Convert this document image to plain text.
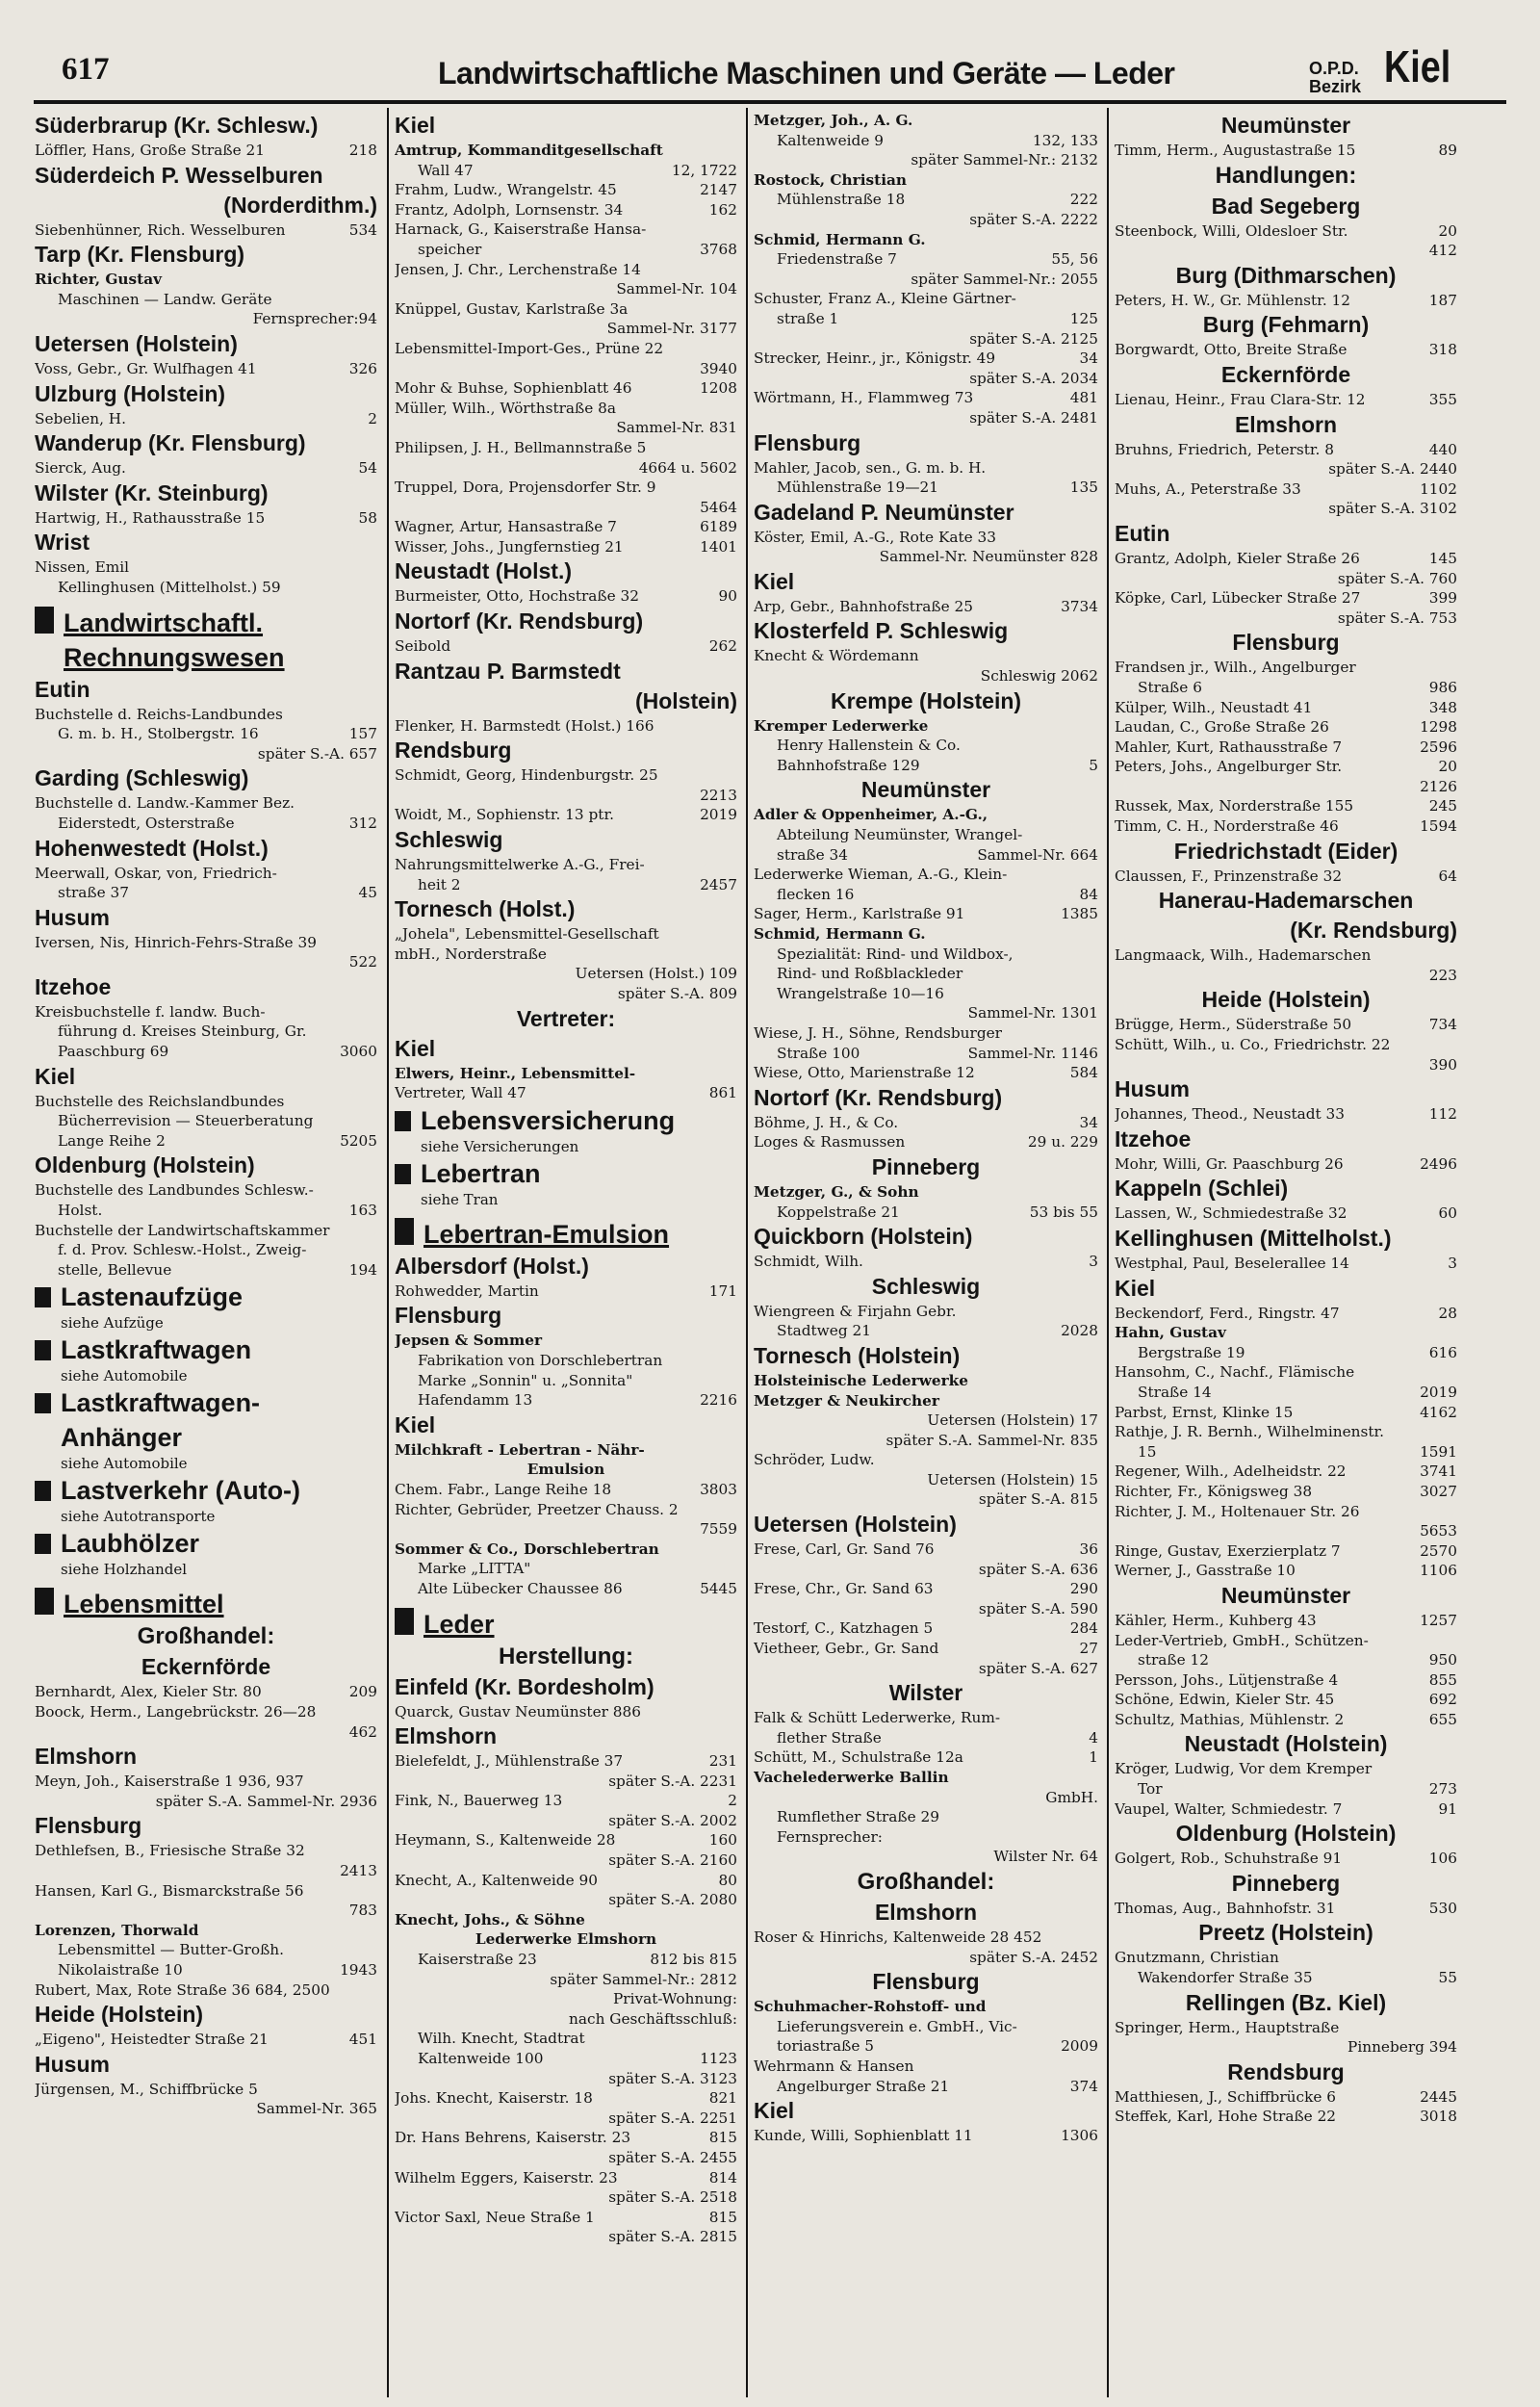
617	Landwirtschaftliche Maschinen und Geräte — Leder	O.P.D.
Bezirk Kiel
Süderbrarup (Kr. Schlesw.)
218
Löffler, Hans, Große Straße 21
Süderdeich P. Wesselburen
(Norderdithm.)
534
Siebenhünner, Rich. Wesselburen
Tarp (Kr. Flensburg)
Richter, Gustav
Maschinen — Landw. Geräte
94
Fernsprecher:
Uetersen (Holstein)
326
Voss, Gebr., Gr. Wulfhagen 41
Ulzburg (Holstein)
2
Sebelien, H.
Wanderup (Kr. Flensburg)
54
Sierck, Aug.
Wilster (Kr. Steinburg)
58
Hartwig, H., Rathausstraße 15
Wrist
Nissen, Emil
Kellinghusen (Mittelholst.) 59
Landwirtschaftl.
Rechnungswesen
Eutin
Buchstelle d. Reichs-Landbundes
157
G. m. b. H., Stolbergstr. 16
später S.-A. 657
Garding (Schleswig)
Buchstelle d. Landw.-Kammer Bez.
312
Eiderstedt, Osterstraße
Hohenwestedt (Holst.)
Meerwall, Oskar, von, Friedrich-
45
straße 37
Husum
Iversen, Nis, Hinrich-Fehrs-Straße 39
522
Itzehoe
Kreisbuchstelle f. landw. Buch-
führung d. Kreises Steinburg, Gr.
3060
Paaschburg 69
Kiel
Buchstelle des Reichslandbundes
Bücherrevision — Steuerberatung
5205
Lange Reihe 2
Oldenburg (Holstein)
Buchstelle des Landbundes Schlesw.-
163
Holst.
Buchstelle der Landwirtschaftskammer
f. d. Prov. Schlesw.-Holst., Zweig-
194
stelle, Bellevue
Lastenaufzüge
siehe Aufzüge
Lastkraftwagen
siehe Automobile
Lastkraftwagen-
Anhänger
siehe Automobile
Lastverkehr (Auto-)
siehe Autotransporte
Laubhölzer
siehe Holzhandel
Lebensmittel
Großhandel:
Eckernförde
209
Bernhardt, Alex, Kieler Str. 80
Boock, Herm., Langebrückstr. 26—28
462
Elmshorn
Meyn, Joh., Kaiserstraße 1 936, 937
später S.-A. Sammel-Nr. 2936
Flensburg
Dethlefsen, B., Friesische Straße 32
2413
Hansen, Karl G., Bismarckstraße 56
783
Lorenzen, Thorwald
Lebensmittel — Butter-Großh.
1943
Nikolaistraße 10
Rubert, Max, Rote Straße 36 684, 2500
Heide (Holstein)
451
„Eigeno", Heistedter Straße 21
Husum
Jürgensen, M., Schiffbrücke 5
Sammel-Nr. 365
Kiel
Amtrup, Kommanditgesellschaft
12, 1722
Wall 47
2147
Frahm, Ludw., Wrangelstr. 45
162
Frantz, Adolph, Lornsenstr. 34
Harnack, G., Kaiserstraße Hansa-
3768
speicher
Jensen, J. Chr., Lerchenstraße 14
Sammel-Nr. 104
Knüppel, Gustav, Karlstraße 3a
Sammel-Nr. 3177
Lebensmittel-Import-Ges., Prüne 22
3940
1208
Mohr & Buhse, Sophienblatt 46
Müller, Wilh., Wörthstraße 8a
Sammel-Nr. 831
Philipsen, J. H., Bellmannstraße 5
4664 u. 5602
Truppel, Dora, Projensdorfer Str. 9
5464
6189
Wagner, Artur, Hansastraße 7
1401
Wisser, Johs., Jungfernstieg 21
Neustadt (Holst.)
90
Burmeister, Otto, Hochstraße 32
Nortorf (Kr. Rendsburg)
262
Seibold
Rantzau P. Barmstedt
(Holstein)
Flenker, H. Barmstedt (Holst.) 166
Rendsburg
Schmidt, Georg, Hindenburgstr. 25
2213
2019
Woidt, M., Sophienstr. 13 ptr.
Schleswig
Nahrungsmittelwerke A.-G., Frei-
2457
heit 2
Tornesch (Holst.)
„Johela", Lebensmittel-Gesellschaft
mbH., Norderstraße
Uetersen (Holst.) 109
später S.-A. 809
Vertreter:
Kiel
Elwers, Heinr., Lebensmittel-
861
Vertreter, Wall 47
Lebensversicherung
siehe Versicherungen
Lebertran
siehe Tran
Lebertran-Emulsion
Albersdorf (Holst.)
171
Rohwedder, Martin
Flensburg
Jepsen & Sommer
Fabrikation von Dorschlebertran
Marke „Sonnin" u. „Sonnita"
2216
Hafendamm 13
Kiel
Milchkraft - Lebertran - Nähr-
Emulsion
3803
Chem. Fabr., Lange Reihe 18
Richter, Gebrüder, Preetzer Chauss. 2
7559
Sommer & Co., Dorschlebertran
Marke „LITTA"
5445
Alte Lübecker Chaussee 86
Leder
Herstellung:
Einfeld (Kr. Bordesholm)
Quarck, Gustav Neumünster 886
Elmshorn
231
Bielefeldt, J., Mühlenstraße 37
später S.-A. 2231
2
Fink, N., Bauerweg 13
später S.-A. 2002
160
Heymann, S., Kaltenweide 28
später S.-A. 2160
80
Knecht, A., Kaltenweide 90
später S.-A. 2080
Knecht, Johs., & Söhne
Lederwerke Elmshorn
812 bis 815
Kaiserstraße 23
später Sammel-Nr.: 2812
Privat-Wohnung:
nach Geschäftsschluß:
Wilh. Knecht, Stadtrat
1123
Kaltenweide 100
später S.-A. 3123
821
Johs. Knecht, Kaiserstr. 18
später S.-A. 2251
815
Dr. Hans Behrens, Kaiserstr. 23
später S.-A. 2455
814
Wilhelm Eggers, Kaiserstr. 23
später S.-A. 2518
815
Victor Saxl, Neue Straße 1
später S.-A. 2815
Metzger, Joh., A. G.
132, 133
Kaltenweide 9
später Sammel-Nr.: 2132
Rostock, Christian
222
Mühlenstraße 18
später S.-A. 2222
Schmid, Hermann G.
55, 56
Friedenstraße 7
später Sammel-Nr.: 2055
Schuster, Franz A., Kleine Gärtner-
125
straße 1
später S.-A. 2125
34
Strecker, Heinr., jr., Königstr. 49
später S.-A. 2034
481
Wörtmann, H., Flammweg 73
später S.-A. 2481
Flensburg
Mahler, Jacob, sen., G. m. b. H.
135
Mühlenstraße 19—21
Gadeland P. Neumünster
Köster, Emil, A.-G., Rote Kate 33
Sammel-Nr. Neumünster 828
Kiel
3734
Arp, Gebr., Bahnhofstraße 25
Klosterfeld P. Schleswig
Knecht & Wördemann
Schleswig 2062
Krempe (Holstein)
Kremper Lederwerke
Henry Hallenstein & Co.
5
Bahnhofstraße 129
Neumünster
Adler & Oppenheimer, A.-G.,
Abteilung Neumünster, Wrangel-
Sammel-Nr. 664
straße 34
Lederwerke Wieman, A.-G., Klein-
84
flecken 16
1385
Sager, Herm., Karlstraße 91
Schmid, Hermann G.
Spezialität: Rind- und Wildbox-,
Rind- und Roßblackleder
Wrangelstraße 10—16
Sammel-Nr. 1301
Wiese, J. H., Söhne, Rendsburger
Sammel-Nr. 1146
Straße 100
584
Wiese, Otto, Marienstraße 12
Nortorf (Kr. Rendsburg)
34
Böhme, J. H., & Co.
29 u. 229
Loges & Rasmussen
Pinneberg
Metzger, G., & Sohn
53 bis 55
Koppelstraße 21
Quickborn (Holstein)
3
Schmidt, Wilh.
Schleswig
Wiengreen & Firjahn Gebr.
2028
Stadtweg 21
Tornesch (Holstein)
Holsteinische Lederwerke
Metzger & Neukircher
Uetersen (Holstein) 17
später S.-A. Sammel-Nr. 835
Schröder, Ludw.
Uetersen (Holstein) 15
später S.-A. 815
Uetersen (Holstein)
36
Frese, Carl, Gr. Sand 76
später S.-A. 636
290
Frese, Chr., Gr. Sand 63
später S.-A. 590
284
Testorf, C., Katzhagen 5
27
Vietheer, Gebr., Gr. Sand
später S.-A. 627
Wilster
Falk & Schütt Lederwerke, Rum-
4
flether Straße
1
Schütt, M., Schulstraße 12a
Vachelederwerke Ballin
GmbH.
Rumflether Straße 29
Fernsprecher:
Wilster Nr. 64
Großhandel:
Elmshorn
Roser & Hinrichs, Kaltenweide 28 452
später S.-A. 2452
Flensburg
Schuhmacher-Rohstoff- und
Lieferungsverein e. GmbH., Vic-
2009
toriastraße 5
Wehrmann & Hansen
374
Angelburger Straße 21
Kiel
1306
Kunde, Willi, Sophienblatt 11
Neumünster
89
Timm, Herm., Augustastraße 15
Handlungen:
Bad Segeberg
20
Steenbock, Willi, Oldesloer Str.
412
Burg (Dithmarschen)
187
Peters, H. W., Gr. Mühlenstr. 12
Burg (Fehmarn)
318
Borgwardt, Otto, Breite Straße
Eckernförde
355
Lienau, Heinr., Frau Clara-Str. 12
Elmshorn
440
Bruhns, Friedrich, Peterstr. 8
später S.-A. 2440
1102
Muhs, A., Peterstraße 33
später S.-A. 3102
Eutin
145
Grantz, Adolph, Kieler Straße 26
später S.-A. 760
399
Köpke, Carl, Lübecker Straße 27
später S.-A. 753
Flensburg
Frandsen jr., Wilh., Angelburger
986
Straße 6
348
Külper, Wilh., Neustadt 41
1298
Laudan, C., Große Straße 26
2596
Mahler, Kurt, Rathausstraße 7
20
Peters, Johs., Angelburger Str.
2126
245
Russek, Max, Norderstraße 155
1594
Timm, C. H., Norderstraße 46
Friedrichstadt (Eider)
64
Claussen, F., Prinzenstraße 32
Hanerau-Hademarschen
(Kr. Rendsburg)
Langmaack, Wilh., Hademarschen
223
Heide (Holstein)
734
Brügge, Herm., Süderstraße 50
Schütt, Wilh., u. Co., Friedrichstr. 22
390
Husum
112
Johannes, Theod., Neustadt 33
Itzehoe
2496
Mohr, Willi, Gr. Paaschburg 26
Kappeln (Schlei)
60
Lassen, W., Schmiedestraße 32
Kellinghusen (Mittelholst.)
3
Westphal, Paul, Beselerallee 14
Kiel
28
Beckendorf, Ferd., Ringstr. 47
Hahn, Gustav
616
Bergstraße 19
Hansohm, C., Nachf., Flämische
2019
Straße 14
4162
Parbst, Ernst, Klinke 15
Rathje, J. R. Bernh., Wilhelminenstr.
1591
15
3741
Regener, Wilh., Adelheidstr. 22
3027
Richter, Fr., Königsweg 38
Richter, J. M., Holtenauer Str. 26
5653
2570
Ringe, Gustav, Exerzierplatz 7
1106
Werner, J., Gasstraße 10
Neumünster
1257
Kähler, Herm., Kuhberg 43
Leder-Vertrieb, GmbH., Schützen-
950
straße 12
855
Persson, Johs., Lütjenstraße 4
692
Schöne, Edwin, Kieler Str. 45
655
Schultz, Mathias, Mühlenstr. 2
Neustadt (Holstein)
Kröger, Ludwig, Vor dem Kremper
273
Tor
91
Vaupel, Walter, Schmiedestr. 7
Oldenburg (Holstein)
106
Golgert, Rob., Schuhstraße 91
Pinneberg
530
Thomas, Aug., Bahnhofstr. 31
Preetz (Holstein)
Gnutzmann, Christian
55
Wakendorfer Straße 35
Rellingen (Bz. Kiel)
Springer, Herm., Hauptstraße
Pinneberg 394
Rendsburg
2445
Matthiesen, J., Schiffbrücke 6
3018
Steffek, Karl, Hohe Straße 22
